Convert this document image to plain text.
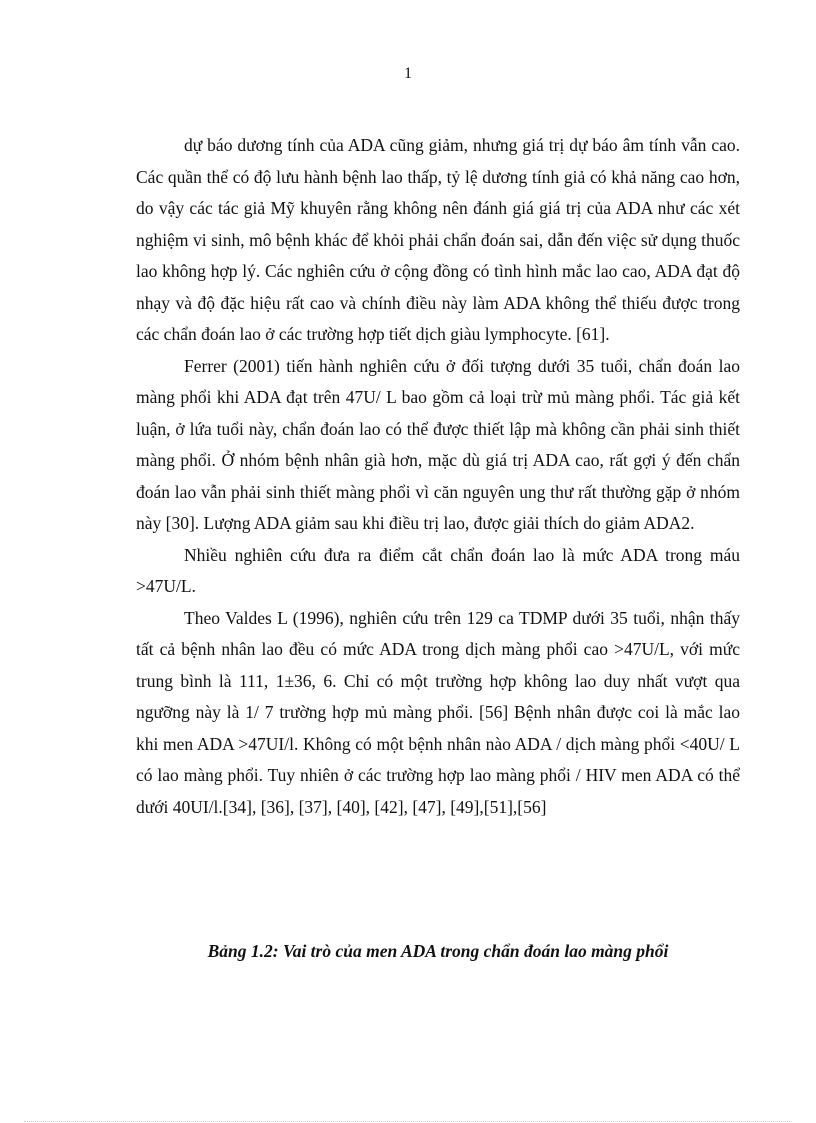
1

dự báo dương tính của ADA cũng giảm, nhưng giá trị dự báo âm tính vẫn cao. Các quần thể có độ lưu hành bệnh lao thấp, tỷ lệ dương tính giả có khả năng cao hơn, do vậy các tác giả Mỹ khuyên rằng không nên đánh giá giá trị của ADA như các xét nghiệm vi sinh, mô bệnh khác để khỏi phải chẩn đoán sai, dẫn đến việc sử dụng thuốc lao không hợp lý. Các nghiên cứu ở cộng đồng có tình hình mắc lao cao, ADA đạt độ nhạy và độ đặc hiệu rất cao và chính điều này làm ADA không thể thiếu được trong các chẩn đoán lao ở các trường hợp tiết dịch giàu lymphocyte. [61].

Ferrer (2001) tiến hành nghiên cứu ở đối tượng dưới 35 tuổi, chẩn đoán lao màng phổi khi ADA đạt trên 47U/ L bao gồm cả loại trừ mủ màng phổi. Tác giả kết luận, ở lứa tuổi này, chẩn đoán lao có thể được thiết lập mà không cần phải sinh thiết màng phổi. Ở nhóm bệnh nhân già hơn, mặc dù giá trị ADA cao, rất gợi ý đến chẩn đoán lao vẫn phải sinh thiết màng phổi vì căn nguyên ung thư rất thường gặp ở nhóm này [30]. Lượng ADA giảm sau khi điều trị lao, được giải thích do giảm ADA2.

Nhiều nghiên cứu đưa ra điểm cắt chẩn đoán lao là mức ADA trong máu >47U/L.

Theo Valdes L (1996), nghiên cứu trên 129 ca TDMP dưới 35 tuổi, nhận thấy tất cả bệnh nhân lao đều có mức ADA trong dịch màng phổi cao >47U/L, với mức trung bình là 111, 1±36, 6. Chỉ có một trường hợp không lao duy nhất vượt qua ngưỡng này là 1/ 7 trường hợp mủ màng phổi. [56] Bệnh nhân được coi là mắc lao khi men ADA >47UI/l. Không có một bệnh nhân nào ADA / dịch màng phổi <40U/ L có lao màng phổi. Tuy nhiên ở các trường hợp lao màng phổi / HIV men ADA có thể dưới 40UI/l.[34], [36], [37], [40], [42], [47], [49],[51],[56]

Bảng 1.2: Vai trò của men ADA trong chẩn đoán lao màng phổi
